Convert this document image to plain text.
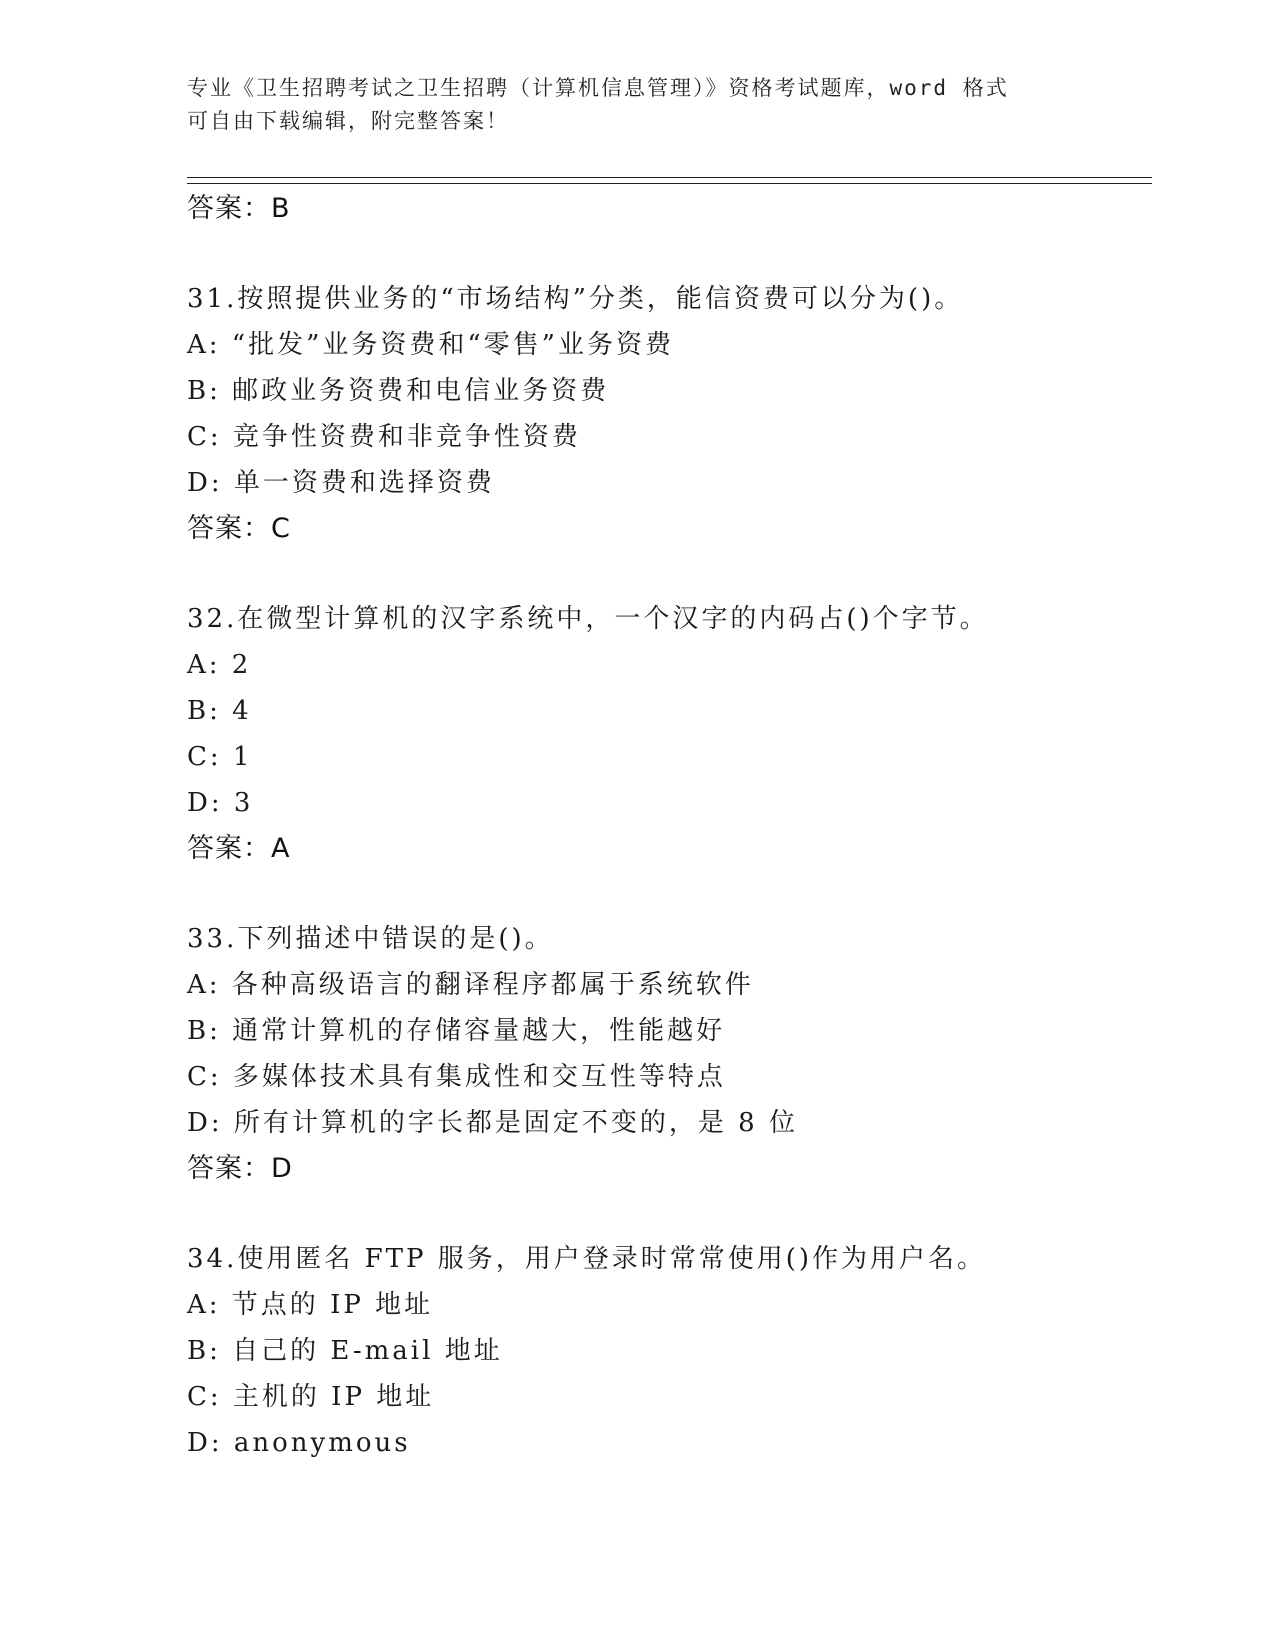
专业《卫生招聘考试之卫生招聘（计算机信息管理）》资格考试题库，word 格式
可自由下载编辑，附完整答案！
答案：B
31.按照提供业务的“市场结构”分类，能信资费可以分为()。
A: “批发”业务资费和“零售”业务资费
B: 邮政业务资费和电信业务资费
C: 竞争性资费和非竞争性资费
D: 单一资费和选择资费
答案：C
32.在微型计算机的汉字系统中，一个汉字的内码占()个字节。
A: 2
B: 4
C: 1
D: 3
答案：A
33.下列描述中错误的是()。
A: 各种高级语言的翻译程序都属于系统软件
B: 通常计算机的存储容量越大，性能越好
C: 多媒体技术具有集成性和交互性等特点
D: 所有计算机的字长都是固定不变的，是 8 位
答案：D
34.使用匿名 FTP 服务，用户登录时常常使用()作为用户名。
A: 节点的 IP 地址
B: 自己的 E-mail 地址
C: 主机的 IP 地址
D: anonymous
